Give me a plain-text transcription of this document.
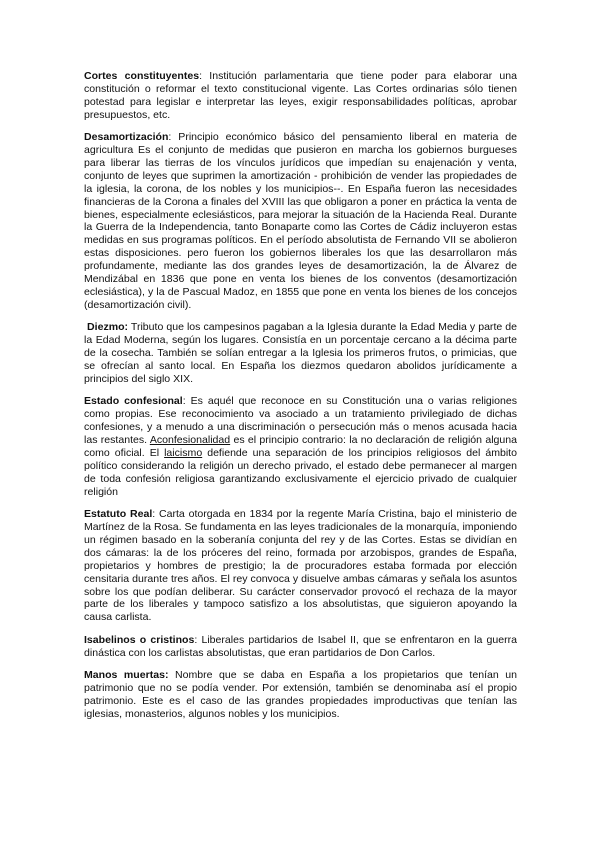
Cortes constituyentes: Institución parlamentaria que tiene poder para elaborar una constitución o reformar el texto constitucional vigente. Las Cortes ordinarias sólo tienen potestad para legislar e interpretar las leyes, exigir responsabilidades políticas, aprobar presupuestos, etc.

Desamortización: Principio económico básico del pensamiento liberal en materia de agricultura Es el conjunto de medidas que pusieron en marcha los gobiernos burgueses para liberar las tierras de los vínculos jurídicos que impedían su enajenación y venta, conjunto de leyes que suprimen la amortización - prohibición de vender las propiedades de la iglesia, la corona, de los nobles y los municipios--. En España fueron las necesidades financieras de la Corona a finales del XVIII las que obligaron a poner en práctica la venta de bienes, especialmente eclesiásticos, para mejorar la situación de la Hacienda Real. Durante la Guerra de la Independencia, tanto Bonaparte como las Cortes de Cádiz incluyeron estas medidas en sus programas políticos. En el período absolutista de Fernando VII se abolieron estas disposiciones. pero fueron los gobiernos liberales los que las desarrollaron más profundamente, mediante las dos grandes leyes de desamortización, la de Álvarez de Mendizábal en 1836 que pone en venta los bienes de los conventos (desamortización eclesiástica), y la de Pascual Madoz, en 1855 que pone en venta los bienes de los concejos (desamortización civil).

Diezmo: Tributo que los campesinos pagaban a la Iglesia durante la Edad Media y parte de la Edad Moderna, según los lugares. Consistía en un porcentaje cercano a la décima parte de la cosecha. También se solían entregar a la Iglesia los primeros frutos, o primicias, que se ofrecían al santo local. En España los diezmos quedaron abolidos jurídicamente a principios del siglo XIX.

Estado confesional: Es aquél que reconoce en su Constitución una o varias religiones como propias. Ese reconocimiento va asociado a un tratamiento privilegiado de dichas confesiones, y a menudo a una discriminación o persecución más o menos acusada hacia las restantes. Aconfesionalidad es el principio contrario: la no declaración de religión alguna como oficial. El laicismo defiende una separación de los principios religiosos del ámbito político considerando la religión un derecho privado, el estado debe permanecer al margen de toda confesión religiosa garantizando exclusivamente el ejercicio privado de cualquier religión

Estatuto Real: Carta otorgada en 1834 por la regente María Cristina, bajo el ministerio de Martínez de la Rosa. Se fundamenta en las leyes tradicionales de la monarquía, imponiendo un régimen basado en la soberanía conjunta del rey y de las Cortes. Estas se dividían en dos cámaras: la de los próceres del reino, formada por arzobispos, grandes de España, propietarios y hombres de prestigio; la de procuradores estaba formada por elección censitaria durante tres años. El rey convoca y disuelve ambas cámaras y señala los asuntos sobre los que podían deliberar. Su carácter conservador provocó el rechaza de la mayor parte de los liberales y tampoco satisfizo a los absolutistas, que siguieron apoyando la causa carlista.

Isabelinos o cristinos: Liberales partidarios de Isabel II, que se enfrentaron en la guerra dinástica con los carlistas absolutistas, que eran partidarios de Don Carlos.

Manos muertas: Nombre que se daba en España a los propietarios que tenían un patrimonio que no se podía vender. Por extensión, también se denominaba así el propio patrimonio. Este es el caso de las grandes propiedades improductivas que tenían las iglesias, monasterios, algunos nobles y los municipios.
